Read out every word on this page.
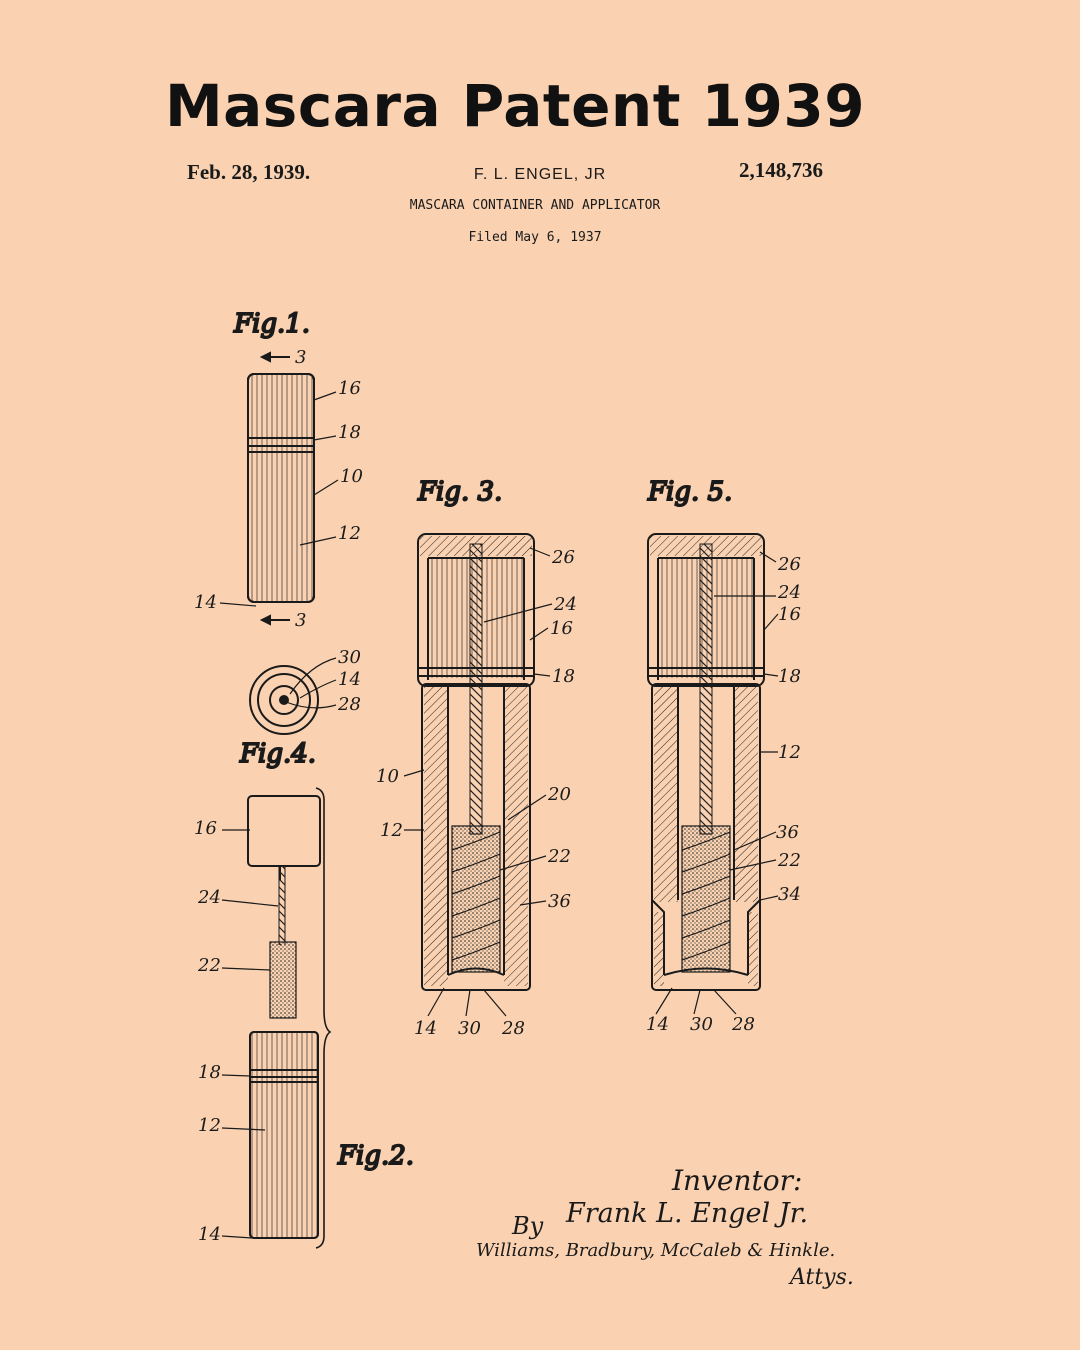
Mascara Patent 1939
Feb. 28, 1939.	F. L. ENGEL, JR	2,148,736
MASCARA CONTAINER AND APPLICATOR
Filed May 6, 1937
Fig.1.
3
3
16
18
10
12
14
30
14
28
Fig.4.
16
24
22
18
12
14
Fig.2.
Fig. 3.
26
24
16
18
10
20
12
22
36
14 30 28
Fig. 5.
26
24
16
18
12
36
22
34
14 30 28
Inventor:
Frank L. Engel Jr.
By
Williams, Bradbury, McCaleb & Hinkle.
Attys.
